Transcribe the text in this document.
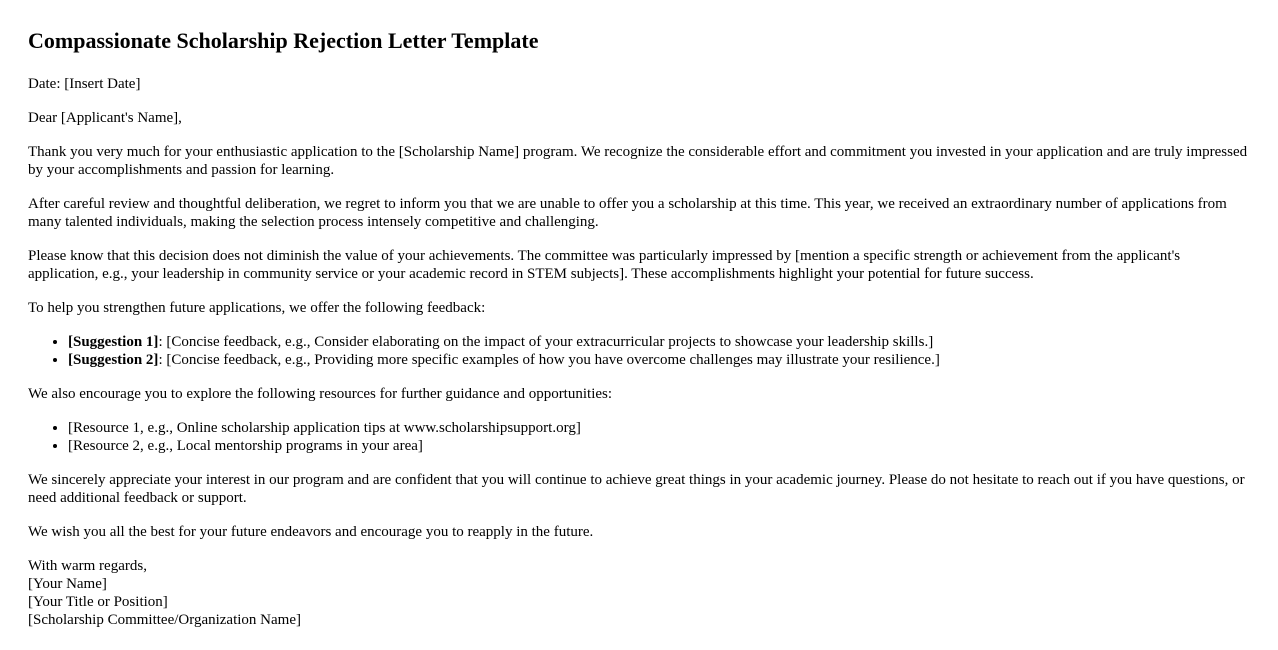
Compassionate Scholarship Rejection Letter Template

Date: [Insert Date]

Dear [Applicant's Name],

Thank you very much for your enthusiastic application to the [Scholarship Name] program. We recognize the considerable effort and commitment you invested in your application and are truly impressed by your accomplishments and passion for learning.

After careful review and thoughtful deliberation, we regret to inform you that we are unable to offer you a scholarship at this time. This year, we received an extraordinary number of applications from many talented individuals, making the selection process intensely competitive and challenging.

Please know that this decision does not diminish the value of your achievements. The committee was particularly impressed by [mention a specific strength or achievement from the applicant's application, e.g., your leadership in community service or your academic record in STEM subjects]. These accomplishments highlight your potential for future success.

To help you strengthen future applications, we offer the following feedback:

• [Suggestion 1]: [Concise feedback, e.g., Consider elaborating on the impact of your extracurricular projects to showcase your leadership skills.]
• [Suggestion 2]: [Concise feedback, e.g., Providing more specific examples of how you have overcome challenges may illustrate your resilience.]

We also encourage you to explore the following resources for further guidance and opportunities:

• [Resource 1, e.g., Online scholarship application tips at www.scholarshipsupport.org]
• [Resource 2, e.g., Local mentorship programs in your area]

We sincerely appreciate your interest in our program and are confident that you will continue to achieve great things in your academic journey. Please do not hesitate to reach out if you have questions, or need additional feedback or support.

We wish you all the best for your future endeavors and encourage you to reapply in the future.

With warm regards,
[Your Name]
[Your Title or Position]
[Scholarship Committee/Organization Name]
